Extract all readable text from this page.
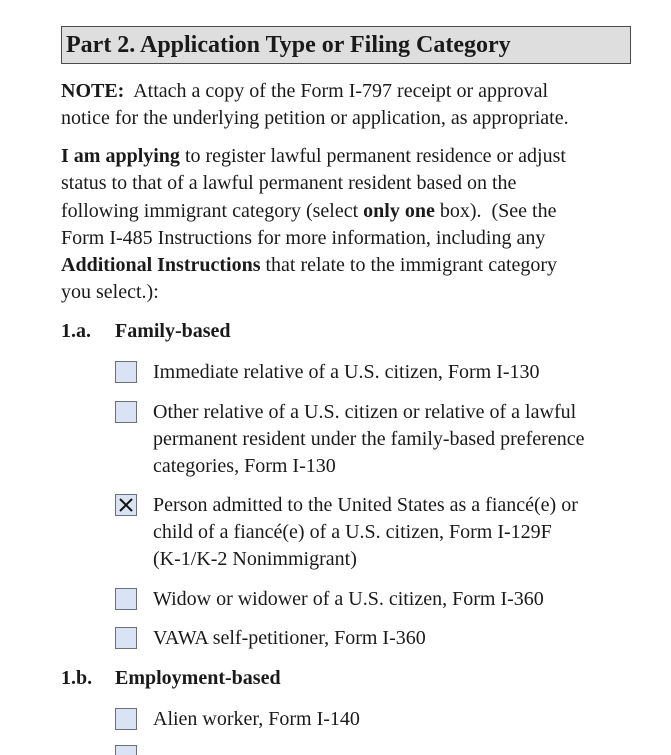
Part 2. Application Type or Filing Category
NOTE:  Attach a copy of the Form I-797 receipt or approval
notice for the underlying petition or application, as appropriate.
I am applying to register lawful permanent residence or adjust
status to that of a lawful permanent resident based on the
following immigrant category (select only one box).  (See the
Form I-485 Instructions for more information, including any
Additional Instructions that relate to the immigrant category
you select.):
1.a. Family-based
Immediate relative of a U.S. citizen, Form I-130
Other relative of a U.S. citizen or relative of a lawful
permanent resident under the family-based preference
categories, Form I-130
Person admitted to the United States as a fiancé(e) or
child of a fiancé(e) of a U.S. citizen, Form I-129F
(K-1/K-2 Nonimmigrant)
Widow or widower of a U.S. citizen, Form I-360
VAWA self-petitioner, Form I-360
1.b. Employment-based
Alien worker, Form I-140
